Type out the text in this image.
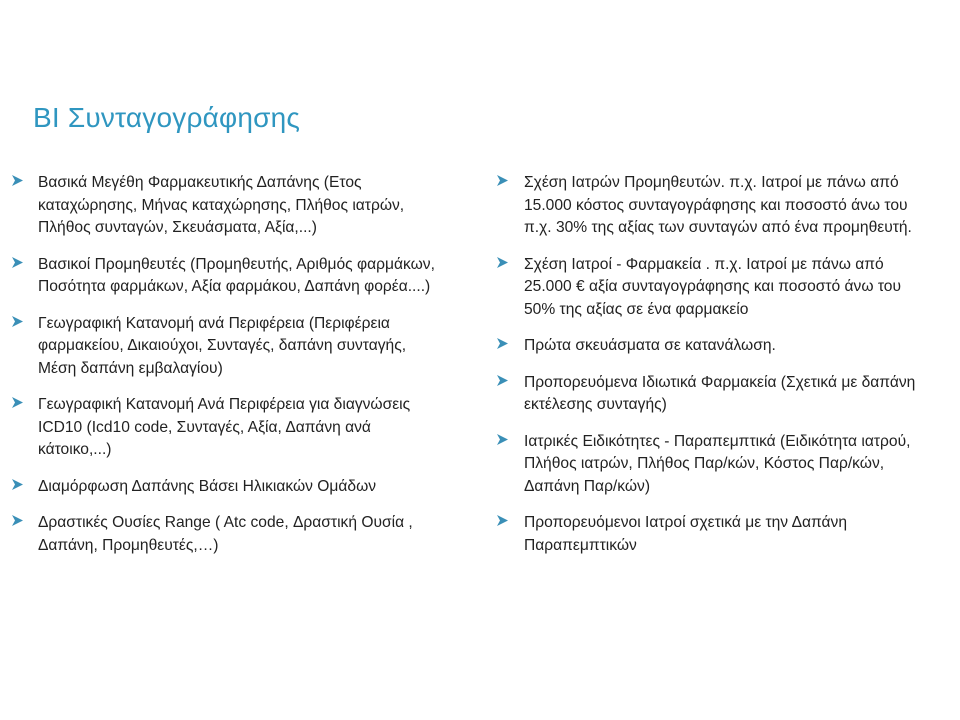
BI Συνταγογράφησης
Βασικά Μεγέθη Φαρμακευτικής Δαπάνης (Ετος καταχώρησης, Μήνας καταχώρησης, Πλήθος ιατρών, Πλήθος συνταγών, Σκευάσματα, Αξία,...)
Βασικοί Προμηθευτές (Προμηθευτής, Αριθμός φαρμάκων, Ποσότητα φαρμάκων, Αξία φαρμάκου, Δαπάνη φορέα....)
Γεωγραφική Κατανομή ανά Περιφέρεια (Περιφέρεια φαρμακείου, Δικαιούχοι, Συνταγές, δαπάνη συνταγής, Μέση δαπάνη εμβαλαγίου)
Γεωγραφική Κατανομή Ανά Περιφέρεια για διαγνώσεις ICD10 (Icd10 code, Συνταγές, Αξία, Δαπάνη ανά κάτοικο,...)
Διαμόρφωση Δαπάνης Βάσει Ηλικιακών Ομάδων
Δραστικές Ουσίες Range ( Atc code, Δραστική Ουσία , Δαπάνη, Προμηθευτές,…)
Σχέση Ιατρών Προμηθευτών. π.χ. Ιατροί με πάνω από 15.000 κόστος συνταγογράφησης και ποσοστό άνω του π.χ. 30% της αξίας των συνταγών από ένα προμηθευτή.
Σχέση Ιατροί - Φαρμακεία . π.χ. Ιατροί με πάνω από 25.000 € αξία συνταγογράφησης και ποσοστό άνω του 50% της αξίας σε ένα φαρμακείο
Πρώτα σκευάσματα σε κατανάλωση.
Προπορευόμενα Ιδιωτικά Φαρμακεία (Σχετικά με δαπάνη εκτέλεσης συνταγής)
Ιατρικές Ειδικότητες - Παραπεμπτικά (Ειδικότητα ιατρού, Πλήθος ιατρών, Πλήθος Παρ/κών, Κόστος Παρ/κών, Δαπάνη Παρ/κών)
Προπορευόμενοι Ιατροί σχετικά με την Δαπάνη Παραπεμπτικών
